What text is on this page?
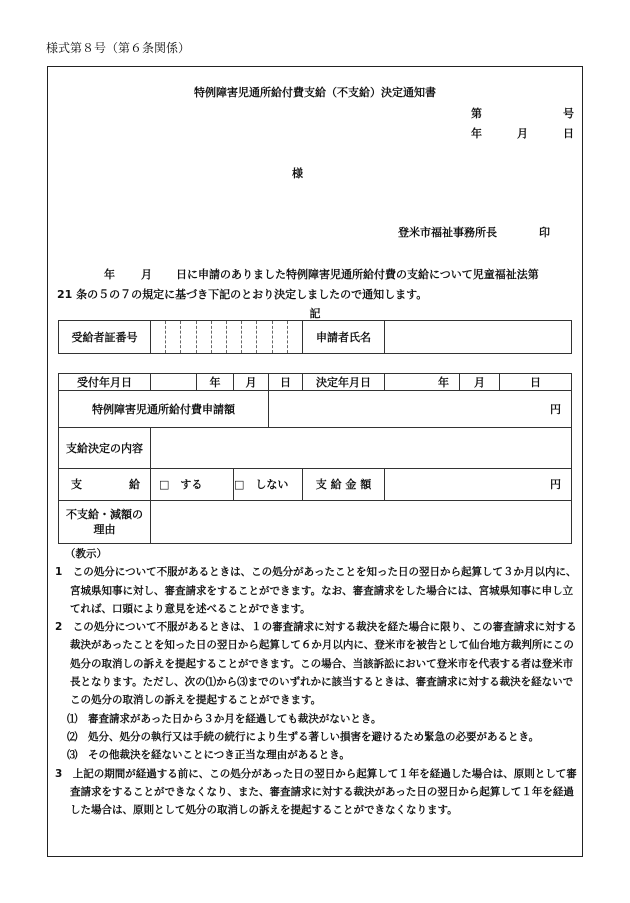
様式第８号（第６条関係）
特例障害児通所給付費支給（不支給）決定通知書
第	号
年	月	日
様
登米市福祉事務所長	印
年 月 日に申請のありました特例障害児通所給付費の支給について児童福祉法第
21 条の５の７の規定に基づき下記のとおり決定しましたので通知します。
記
受給者証番号		申請者氏名	
受付年月日		年	月	日	決定年月日	年	月	日
特例障害児通所給付費申請額				円				
支給決定の内容								
支 給	□　する		□　しない		支 給 金 額	円		

不支給・減額の
理由								

（教示）

1　この処分について不服があるときは、この処分があったことを知った日の翌日から起算して３か月以内に、宮城県知事に対し、審査請求をすることができます。なお、審査請求をした場合には、宮城県知事に申し立てれば、口頭により意見を述べることができます。

2　この処分について不服があるときは、１の審査請求に対する裁決を経た場合に限り、この審査請求に対する裁決があったことを知った日の翌日から起算して６か月以内に、登米市を被告として仙台地方裁判所にこの処分の取消しの訴えを提起することができます。この場合、当該訴訟において登米市を代表する者は登米市長となります。ただし、次の⑴から⑶までのいずれかに該当するときは、審査請求に対する裁決を経ないでこの処分の取消しの訴えを提起することができます。

⑴　審査請求があった日から３か月を経過しても裁決がないとき。

⑵　処分、処分の執行又は手続の続行により生ずる著しい損害を避けるため緊急の必要があるとき。

⑶　その他裁決を経ないことにつき正当な理由があるとき。

3　上記の期間が経過する前に、この処分があった日の翌日から起算して１年を経過した場合は、原則として審査請求をすることができなくなり、また、審査請求に対する裁決があった日の翌日から起算して１年を経過した場合は、原則として処分の取消しの訴えを提起することができなくなります。
